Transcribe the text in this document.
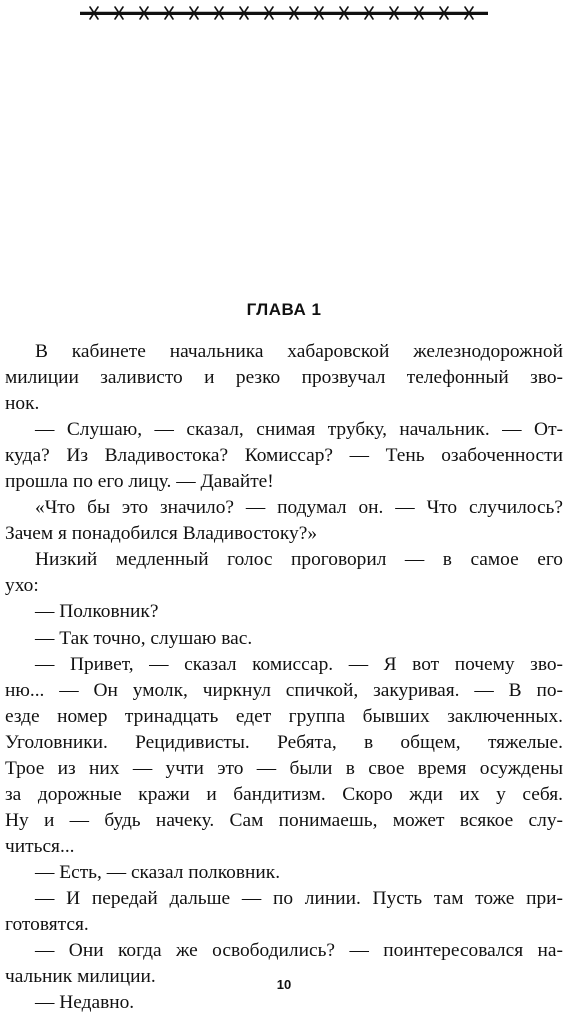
ГЛАВА 1
В кабинете начальника хабаровской железнодорожной
милиции заливисто и резко прозвучал телефонный зво-
нок.
— Слушаю, — сказал, снимая трубку, начальник. — От-
куда? Из Владивостока? Комиссар? — Тень озабоченности
прошла по его лицу. — Давайте!
«Что бы это значило? — подумал он. — Что случилось?
Зачем я понадобился Владивостоку?»
Низкий медленный голос проговорил — в самое его
ухо:
— Полковник?
— Так точно, слушаю вас.
— Привет, — сказал комиссар. — Я вот почему зво-
ню... — Он умолк, чиркнул спичкой, закуривая. — В по-
езде номер тринадцать едет группа бывших заключенных.
Уголовники. Рецидивисты. Ребята, в общем, тяжелые.
Трое из них — учти это — были в свое время осуждены
за дорожные кражи и бандитизм. Скоро жди их у себя.
Ну и — будь начеку. Сам понимаешь, может всякое слу-
читься...
— Есть, — сказал полковник.
— И передай дальше — по линии. Пусть там тоже при-
готовятся.
— Они когда же освободились? — поинтересовался на-
чальник милиции.
— Недавно.
10
